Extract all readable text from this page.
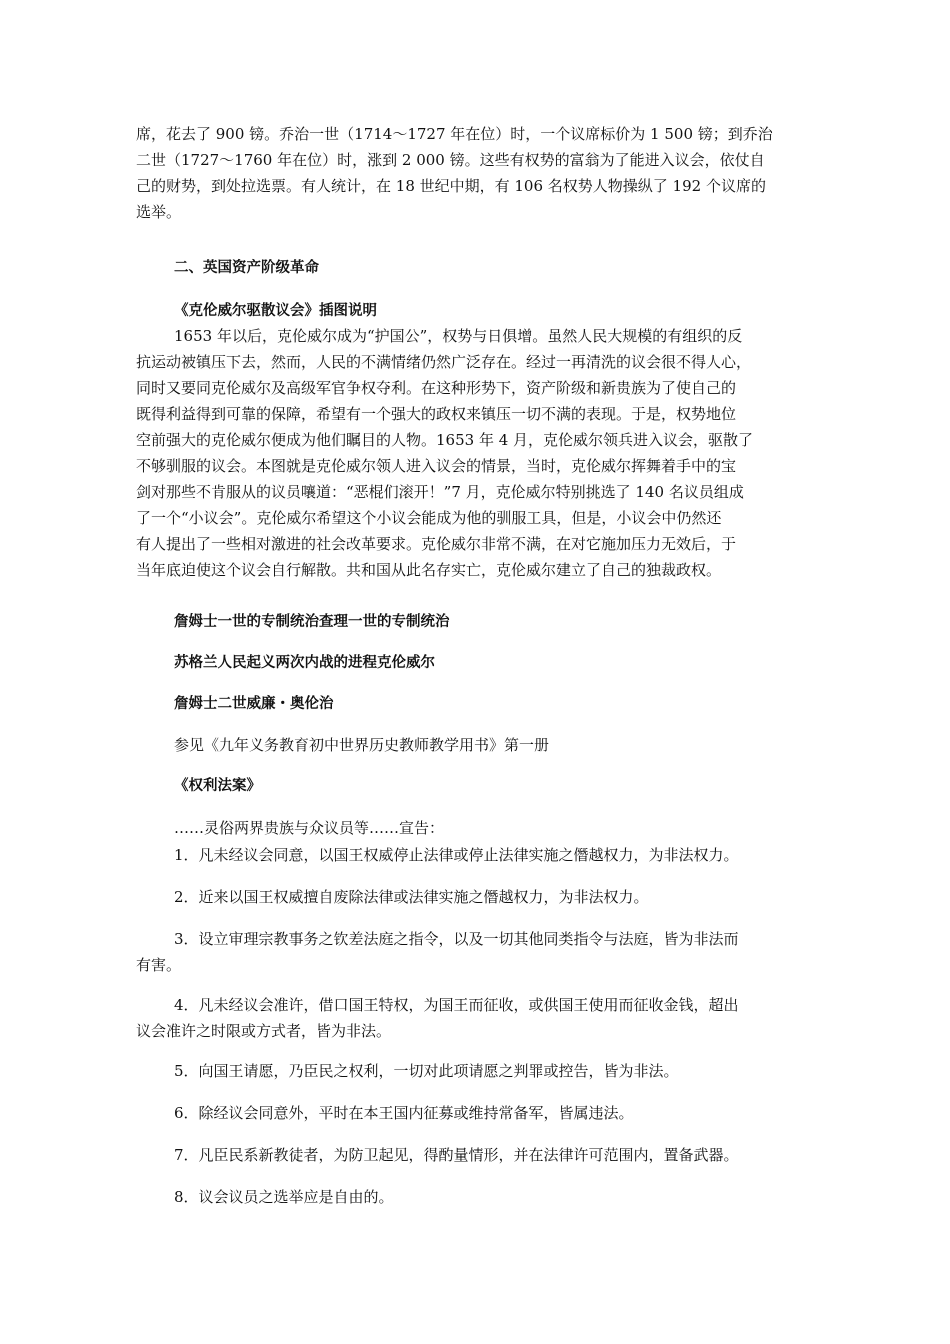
席，花去了 900 镑。乔治一世（1714～1727 年在位）时，一个议席标价为 1 500 镑；到乔治
二世（1727～1760 年在位）时，涨到 2 000 镑。这些有权势的富翁为了能进入议会，依仗自
己的财势，到处拉选票。有人统计，在 18 世纪中期，有 106 名权势人物操纵了 192 个议席的
选举。

二、英国资产阶级革命

《克伦威尔驱散议会》插图说明

1653 年以后，克伦威尔成为“护国公”，权势与日俱增。虽然人民大规模的有组织的反
抗运动被镇压下去，然而，人民的不满情绪仍然广泛存在。经过一再清洗的议会很不得人心，
同时又要同克伦威尔及高级军官争权夺利。在这种形势下，资产阶级和新贵族为了使自己的
既得利益得到可靠的保障，希望有一个强大的政权来镇压一切不满的表现。于是，权势地位
空前强大的克伦威尔便成为他们瞩目的人物。1653 年 4 月，克伦威尔领兵进入议会，驱散了
不够驯服的议会。本图就是克伦威尔领人进入议会的情景，当时，克伦威尔挥舞着手中的宝
剑对那些不肯服从的议员嚷道：“恶棍们滚开！”7 月，克伦威尔特别挑选了 140 名议员组成
了一个“小议会”。克伦威尔希望这个小议会能成为他的驯服工具，但是，小议会中仍然还
有人提出了一些相对激进的社会改革要求。克伦威尔非常不满，在对它施加压力无效后，于
当年底迫使这个议会自行解散。共和国从此名存实亡，克伦威尔建立了自己的独裁政权。

詹姆士一世的专制统治查理一世的专制统治

苏格兰人民起义两次内战的进程克伦威尔

詹姆士二世威廉・奥伦治

参见《九年义务教育初中世界历史教师教学用书》第一册

《权利法案》

……灵俗两界贵族与众议员等……宣告：

1．凡未经议会同意，以国王权威停止法律或停止法律实施之僭越权力，为非法权力。
2．近来以国王权威擅自废除法律或法律实施之僭越权力，为非法权力。
3．设立审理宗教事务之钦差法庭之指令，以及一切其他同类指令与法庭，皆为非法而
有害。
4．凡未经议会准许，借口国王特权，为国王而征收，或供国王使用而征收金钱，超出
议会准许之时限或方式者，皆为非法。
5．向国王请愿，乃臣民之权利，一切对此项请愿之判罪或控告，皆为非法。
6．除经议会同意外，平时在本王国内征募或维持常备军，皆属违法。
7．凡臣民系新教徒者，为防卫起见，得酌量情形，并在法律许可范围内，置备武器。
8．议会议员之选举应是自由的。
